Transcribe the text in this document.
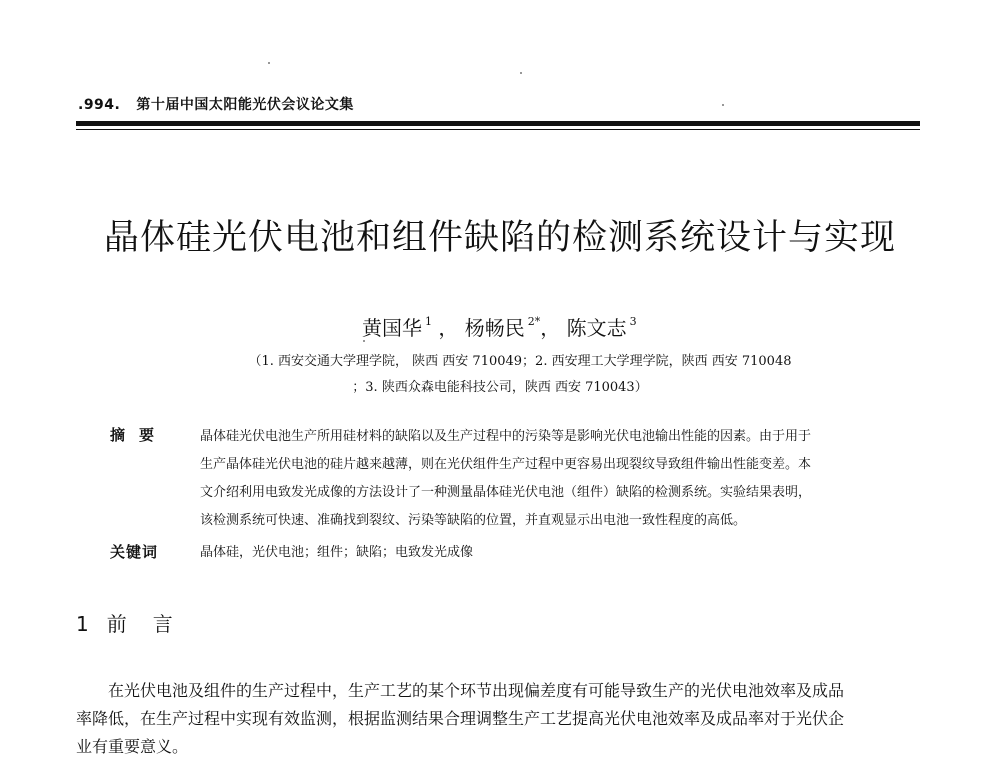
.994. 第十届中国太阳能光伏会议论文集
晶体硅光伏电池和组件缺陷的检测系统设计与实现
黄国华 $^1$ ， 杨畅民 $^{2*}$， 陈文志 $^3$
（1. 西安交通大学理学院， 陕西 西安 710049；2. 西安理工大学理学院，陕西 西安 710048
；3. 陕西众森电能科技公司，陕西 西安 710043）
摘要 晶体硅光伏电池生产所用硅材料的缺陷以及生产过程中的污染等是影响光伏电池输出性能的因素。由于用于
生产晶体硅光伏电池的硅片越来越薄，则在光伏组件生产过程中更容易出现裂纹导致组件输出性能变差。本
文介绍利用电致发光成像的方法设计了一种测量晶体硅光伏电池（组件）缺陷的检测系统。实验结果表明，
该检测系统可快速、准确找到裂纹、污染等缺陷的位置，并直观显示出电池一致性程度的高低。
关键词	晶体硅，光伏电池；组件；缺陷；电致发光成像
1 前言
在光伏电池及组件的生产过程中，生产工艺的某个环节出现偏差度有可能导致生产的光伏电池效率及成品
率降低，在生产过程中实现有效监测，根据监测结果合理调整生产工艺提高光伏电池效率及成品率对于光伏企
业有重要意义。
